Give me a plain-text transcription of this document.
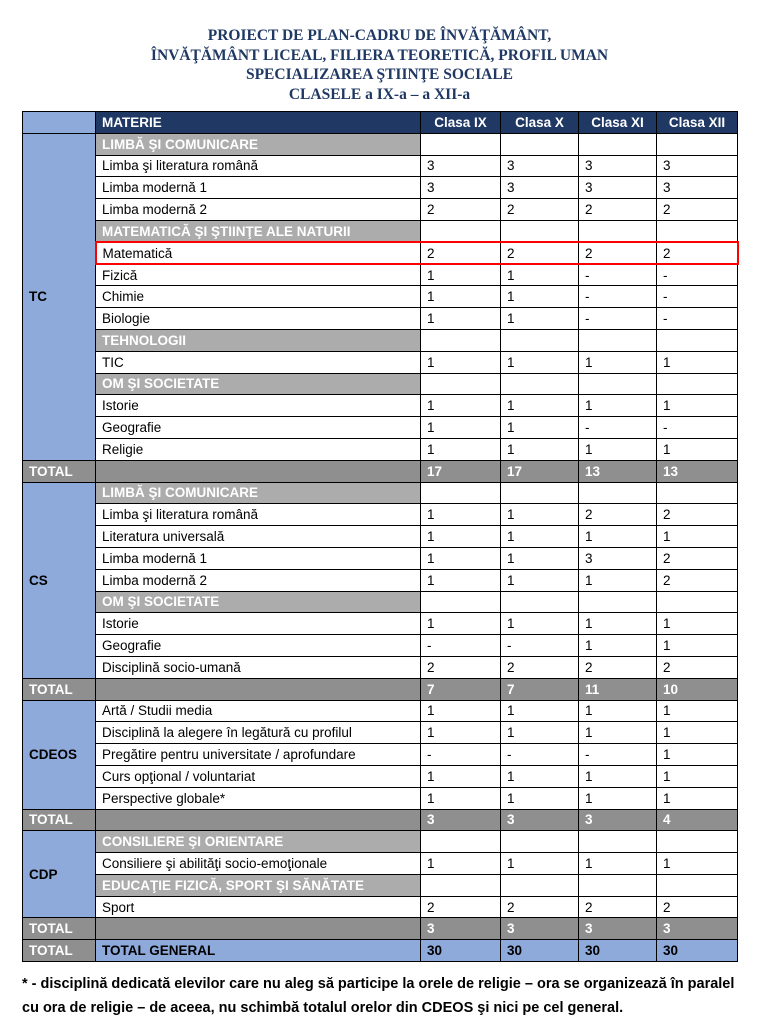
PROIECT DE PLAN-CADRU DE ÎNVĂŢĂMÂNT,
ÎNVĂŢĂMÂNT LICEAL, FILIERA TEORETICĂ, PROFIL UMAN
SPECIALIZAREA ŞTIINŢE SOCIALE
CLASELE a IX-a – a XII-a
	MATERIE	Clasa IX	Clasa X	Clasa XI	Clasa XII
TC	LIMBĂ ŞI COMUNICARE				
	Limba şi literatura română	3	3	3	3
	Limba modernă 1	3	3	3	3
	Limba modernă 2	2	2	2	2
	MATEMATICĂ ŞI ŞTIINŢE ALE NATURII				
	Matematică	2	2	2	2
	Fizică	1	1	-	-
	Chimie	1	1	-	-
	Biologie	1	1	-	-
	TEHNOLOGII				
	TIC	1	1	1	1
	OM ŞI SOCIETATE				
	Istorie	1	1	1	1
	Geografie	1	1	-	-
	Religie	1	1	1	1
TOTAL		17	17	13	13
CS	LIMBĂ ŞI COMUNICARE				
	Limba şi literatura română	1	1	2	2
	Literatura universală	1	1	1	1
	Limba modernă 1	1	1	3	2
	Limba modernă 2	1	1	1	2
	OM ŞI SOCIETATE				
	Istorie	1	1	1	1
	Geografie	-	-	1	1
	Disciplină socio-umană	2	2	2	2
TOTAL		7	7	11	10
CDEOS	Artă / Studii media	1	1	1	1
	Disciplină la alegere în legătură cu profilul	1	1	1	1
	Pregătire pentru universitate / aprofundare	-	-	-	1
	Curs opţional / voluntariat	1	1	1	1
	Perspective globale*	1	1	1	1
TOTAL		3	3	3	4
CDP	CONSILIERE ŞI ORIENTARE				
	Consiliere şi abilităţi socio-emoţionale	1	1	1	1
	EDUCAŢIE FIZICĂ, SPORT ŞI SĂNĂTATE				
	Sport	2	2	2	2
TOTAL		3	3	3	3
TOTAL	TOTAL GENERAL	30	30	30	30
* - disciplină dedicată elevilor care nu aleg să participe la orele de religie – ora se organizează în paralel cu ora de religie – de aceea, nu schimbă totalul orelor din CDEOS şi nici pe cel general.
